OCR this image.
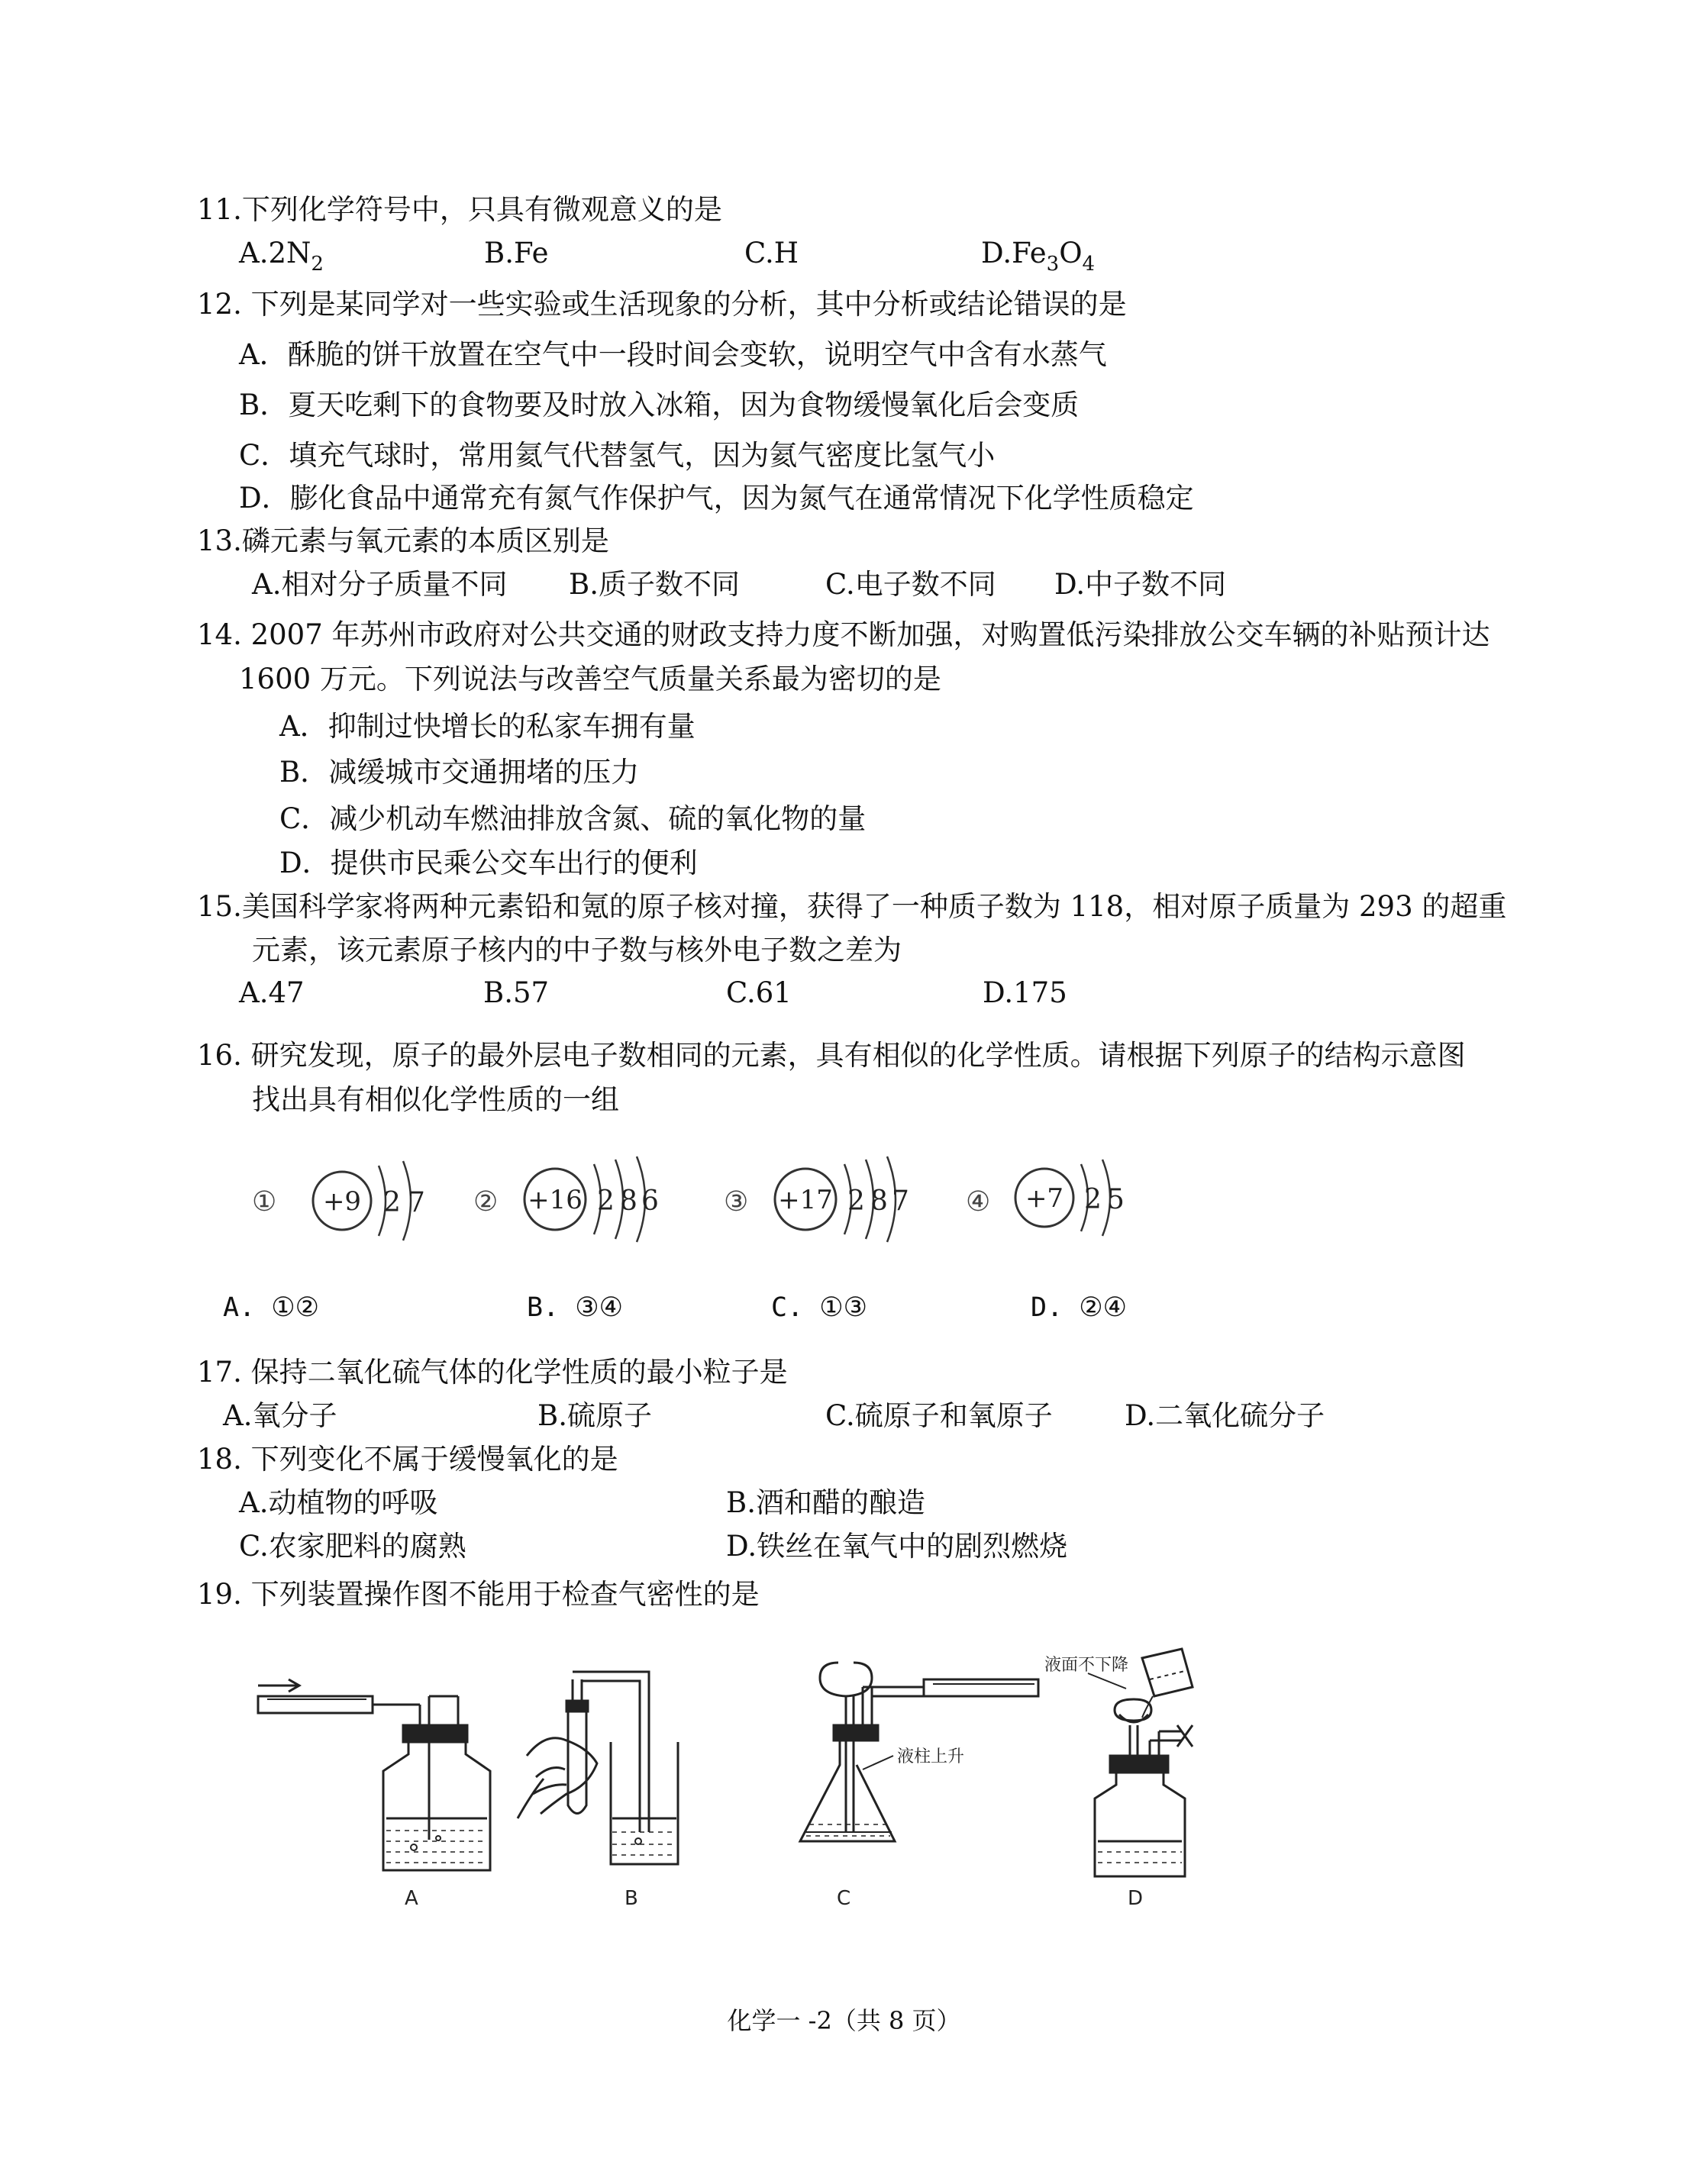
11.下列化学符号中，只具有微观意义的是
$A.2N_2$	B.Fe	C.H	$D.Fe_3O_4$
12. 下列是某同学对一些实验或生活现象的分析，其中分析或结论错误的是
A．酥脆的饼干放置在空气中一段时间会变软，说明空气中含有水蒸气
B．夏天吃剩下的食物要及时放入冰箱，因为食物缓慢氧化后会变质
C．填充气球时，常用氦气代替氢气，因为氦气密度比氢气小
D．膨化食品中通常充有氮气作保护气，因为氮气在通常情况下化学性质稳定
13.磷元素与氧元素的本质区别是
A.相对分子质量不同 B.质子数不同	C.电子数不同 D.中子数不同
14. 2007 年苏州市政府对公共交通的财政支持力度不断加强，对购置低污染排放公交车辆的补贴预计达
1600 万元。下列说法与改善空气质量关系最为密切的是
A．抑制过快增长的私家车拥有量
B．减缓城市交通拥堵的压力
C．减少机动车燃油排放含氮、硫的氧化物的量
D．提供市民乘公交车出行的便利
15.美国科学家将两种元素铅和氪的原子核对撞，获得了一种质子数为 118，相对原子质量为 293 的超重
元素，该元素原子核内的中子数与核外电子数之差为
A.47	B.57	C.61	D.175
16. 研究发现，原子的最外层电子数相同的元素，具有相似的化学性质。请根据下列原子的结构示意图
找出具有相似化学性质的一组
① +9 2 7 ② +16 2 8 6 ③ +17 2 8 7 ④ +7 2 5
A. ①②	B. ③④	C. ①③	D. ②④
17. 保持二氧化硫气体的化学性质的最小粒子是
A.氧分子	B.硫原子	C.硫原子和氧原子	D.二氧化硫分子
18. 下列变化不属于缓慢氧化的是
A.动植物的呼吸	B.酒和醋的酿造
C.农家肥料的腐熟	D.铁丝在氧气中的剧烈燃烧
19. 下列装置操作图不能用于检查气密性的是
A	B
液柱上升
C
液面不下降
D
化学一 -2（共 8 页）
